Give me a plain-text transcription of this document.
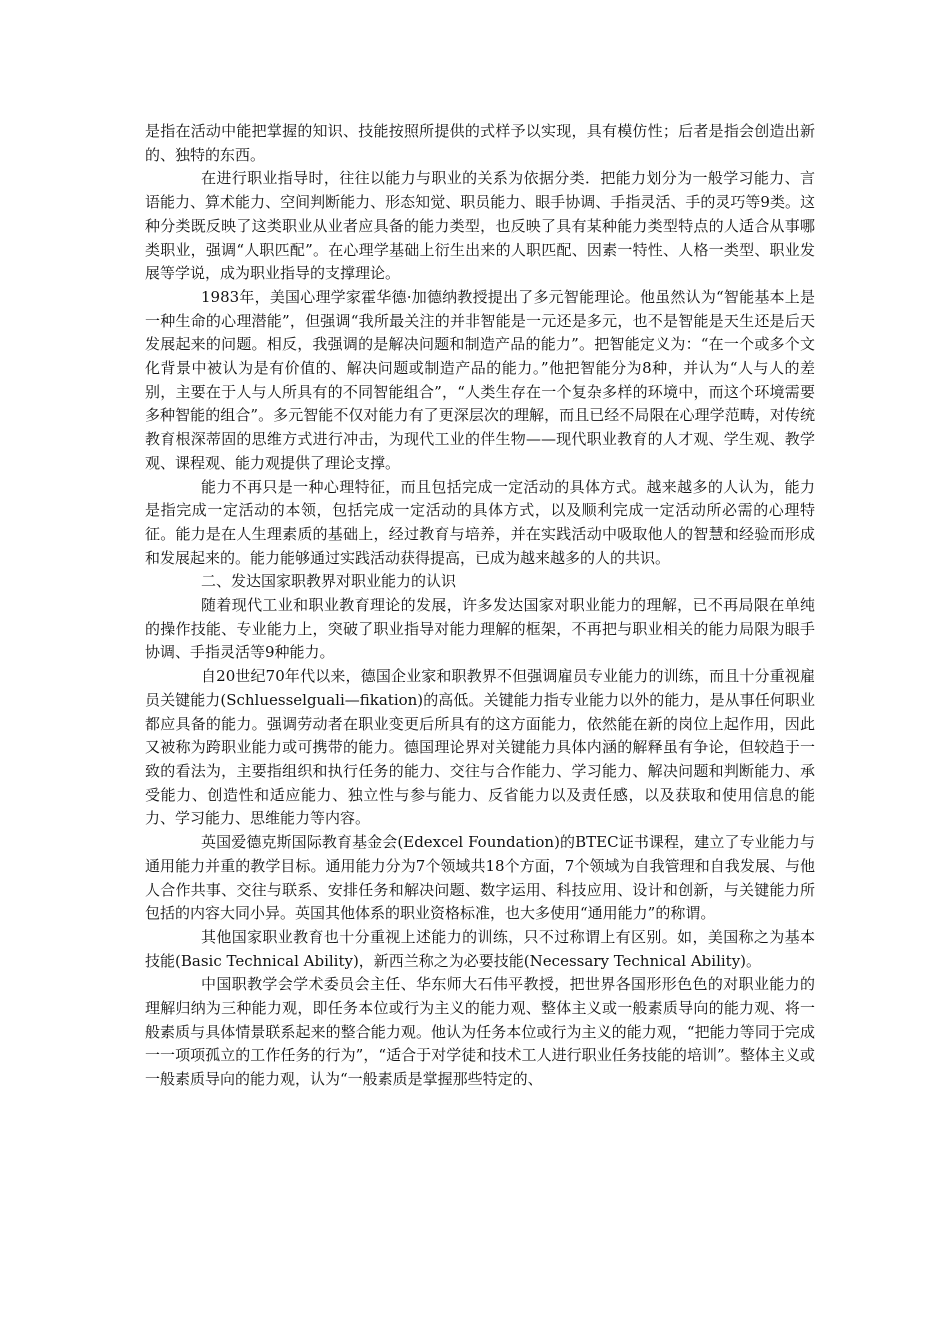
是指在活动中能把掌握的知识、技能按照所提供的式样予以实现，具有模仿性；后者是指会创造出新的、独特的东西。

在进行职业指导时，往往以能力与职业的关系为依据分类．把能力划分为一般学习能力、言语能力、算术能力、空间判断能力、形态知觉、职员能力、眼手协调、手指灵活、手的灵巧等9类。这种分类既反映了这类职业从业者应具备的能力类型，也反映了具有某种能力类型特点的人适合从事哪类职业，强调“人职匹配”。在心理学基础上衍生出来的人职匹配、因素一特性、人格一类型、职业发展等学说，成为职业指导的支撑理论。

1983年，美国心理学家霍华德·加德纳教授提出了多元智能理论。他虽然认为“智能基本上是一种生命的心理潜能”，但强调“我所最关注的并非智能是一元还是多元，也不是智能是天生还是后天发展起来的问题。相反，我强调的是解决问题和制造产品的能力”。把智能定义为：“在一个或多个文化背景中被认为是有价值的、解决问题或制造产品的能力。”他把智能分为8种，并认为“人与人的差别，主要在于人与人所具有的不同智能组合”，“人类生存在一个复杂多样的环境中，而这个环境需要多种智能的组合”。多元智能不仅对能力有了更深层次的理解，而且已经不局限在心理学范畴，对传统教育根深蒂固的思维方式进行冲击，为现代工业的伴生物——现代职业教育的人才观、学生观、教学观、课程观、能力观提供了理论支撑。

能力不再只是一种心理特征，而且包括完成一定活动的具体方式。越来越多的人认为，能力是指完成一定活动的本领，包括完成一定活动的具体方式，以及顺利完成一定活动所必需的心理特征。能力是在人生理素质的基础上，经过教育与培养，并在实践活动中吸取他人的智慧和经验而形成和发展起来的。能力能够通过实践活动获得提高，已成为越来越多的人的共识。

二、发达国家职教界对职业能力的认识

随着现代工业和职业教育理论的发展，许多发达国家对职业能力的理解，已不再局限在单纯的操作技能、专业能力上，突破了职业指导对能力理解的框架，不再把与职业相关的能力局限为眼手协调、手指灵活等9种能力。

自20世纪70年代以来，德国企业家和职教界不但强调雇员专业能力的训练，而且十分重视雇员关键能力(Schluesselguali—fikation)的高低。关键能力指专业能力以外的能力，是从事任何职业都应具备的能力。强调劳动者在职业变更后所具有的这方面能力，依然能在新的岗位上起作用，因此又被称为跨职业能力或可携带的能力。德国理论界对关键能力具体内涵的解释虽有争论，但较趋于一致的看法为，主要指组织和执行任务的能力、交往与合作能力、学习能力、解决问题和判断能力、承受能力、创造性和适应能力、独立性与参与能力、反省能力以及责任感，以及获取和使用信息的能力、学习能力、思维能力等内容。

英国爱德克斯国际教育基金会(Edexcel Foundation)的BTEC证书课程，建立了专业能力与通用能力并重的教学目标。通用能力分为7个领域共18个方面，7个领域为自我管理和自我发展、与他人合作共事、交往与联系、安排任务和解决问题、数字运用、科技应用、设计和创新，与关键能力所包括的内容大同小异。英国其他体系的职业资格标准，也大多使用“通用能力”的称谓。

其他国家职业教育也十分重视上述能力的训练，只不过称谓上有区别。如，美国称之为基本技能(Basic Technical Ability)，新西兰称之为必要技能(Necessary Technical Ability)。

中国职教学会学术委员会主任、华东师大石伟平教授，把世界各国形形色色的对职业能力的理解归纳为三种能力观，即任务本位或行为主义的能力观、整体主义或一般素质导向的能力观、将一般素质与具体情景联系起来的整合能力观。他认为任务本位或行为主义的能力观，“把能力等同于完成一一项项孤立的工作任务的行为”，“适合于对学徒和技术工人进行职业任务技能的培训”。整体主义或一般素质导向的能力观，认为“一般素质是掌握那些特定的、
